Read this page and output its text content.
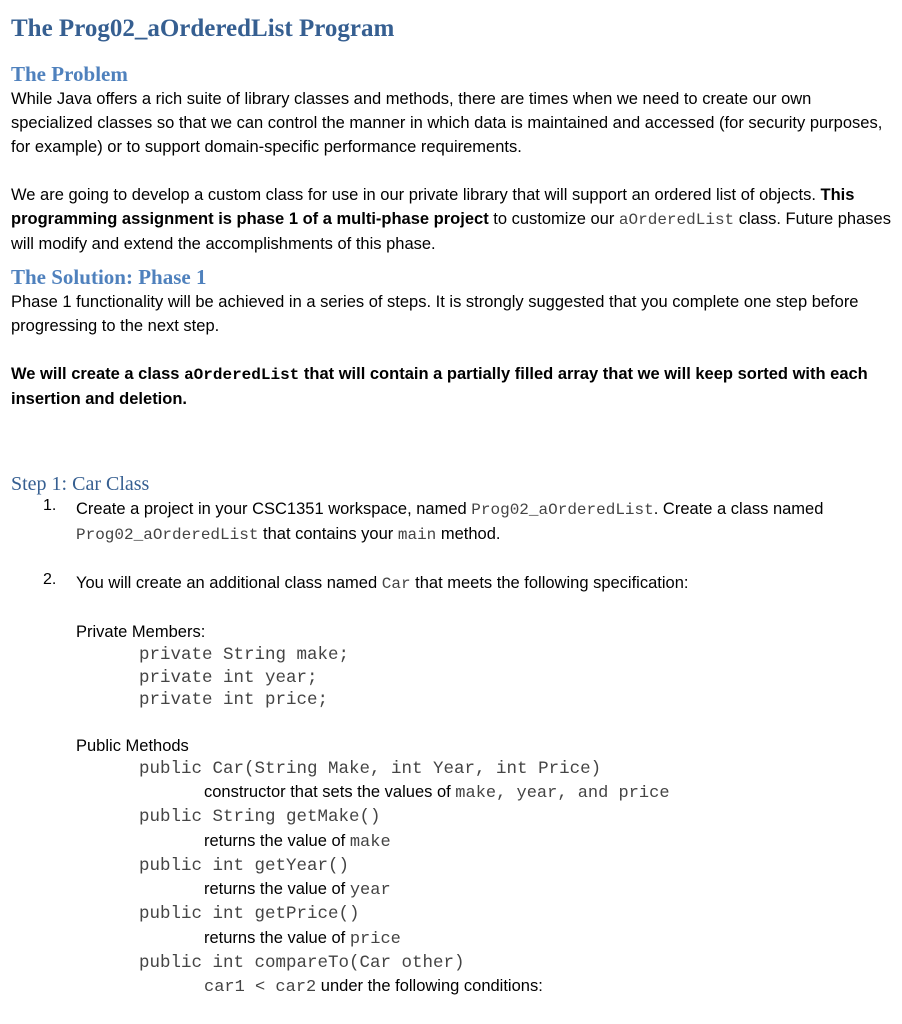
The Prog02_aOrderedList Program
The Problem

While Java offers a rich suite of library classes and methods, there are times when we need to create our own specialized classes so that we can control the manner in which data is maintained and accessed (for security purposes, for example) or to support domain-specific performance requirements.

We are going to develop a custom class for use in our private library that will support an ordered list of objects. This programming assignment is phase 1 of a multi-phase project to customize our aOrderedList class. Future phases will modify and extend the accomplishments of this phase.

The Solution: Phase 1

Phase 1 functionality will be achieved in a series of steps. It is strongly suggested that you complete one step before progressing to the next step.

We will create a class aOrderedList that will contain a partially filled array that we will keep sorted with each insertion and deletion.

Step 1: Car Class
1. Create a project in your CSC1351 workspace, named Prog02_aOrderedList. Create a class named Prog02_aOrderedList that contains your main method.

2. You will create an additional class named Car that meets the following specification:

Private Members:

private String make;
private int year;
private int price;

Public Methods

public Car(String Make, int Year, int Price)
constructor that sets the values of make, year, and price
public String getMake()
returns the value of make
public int getYear()
returns the value of year
public int getPrice()
returns the value of price
public int compareTo(Car other)
car1 < car2 under the following conditions:
